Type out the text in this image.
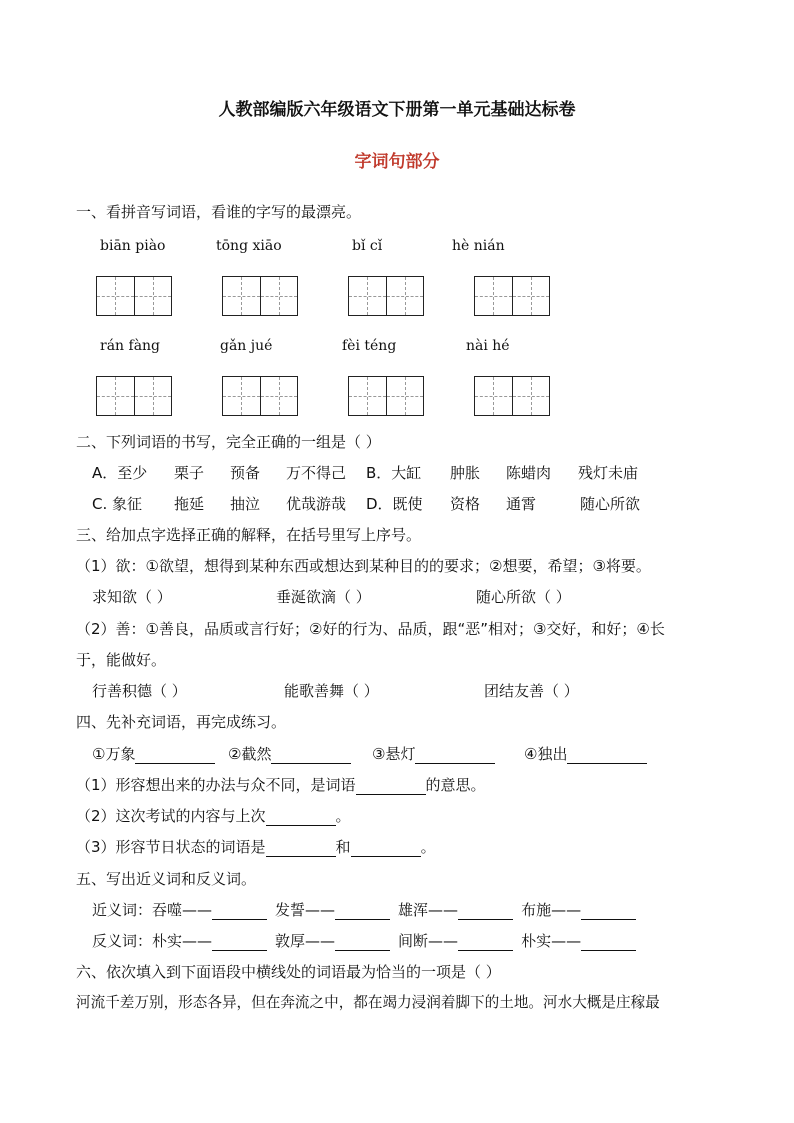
人教部编版六年级语文下册第一单元基础达标卷
字词句部分
一、看拼音写词语，看谁的字写的最漂亮。
biān piào	tōng xiāo	bǐ cǐ	hè nián
rán fàng	gǎn jué	fèi téng	nài hé
二、下列词语的书写，完全正确的一组是（ ）
A．至少 栗子 预备 万不得己 B．大缸 肿胀 陈蜡肉 残灯未庙
C. 象征 拖延 抽泣 优哉游哉 D．既使 资格 通霄	随心所欲
三、给加点字选择正确的解释，在括号里写上序号。
（1）欲：①欲望，想得到某种东西或想达到某种目的的要求；②想要，希望；③将要。
求知欲（ ）	垂涎欲滴（ ）	随心所欲（ ）
（2）善：①善良，品质或言行好；②好的行为、品质，跟“恶”相对；③交好，和好；④长
于，能做好。
行善积德（ ）	能歌善舞（ ）	团结友善（ ）
四、先补充词语，再完成练习。
①万象	②截然	③悬灯	④独出
（1）形容想出来的办法与众不同，是词语	的意思。
（2）这次考试的内容与上次	。
（3）形容节日状态的词语是	和	。
五、写出近义词和反义词。
近义词：吞噬——	发誓——	雄浑——	布施——
反义词：朴实——	敦厚——	间断——	朴实——
六、依次填入到下面语段中横线处的词语最为恰当的一项是（ ）
河流千差万别，形态各异，但在奔流之中，都在竭力浸润着脚下的土地。河水大概是庄稼最
